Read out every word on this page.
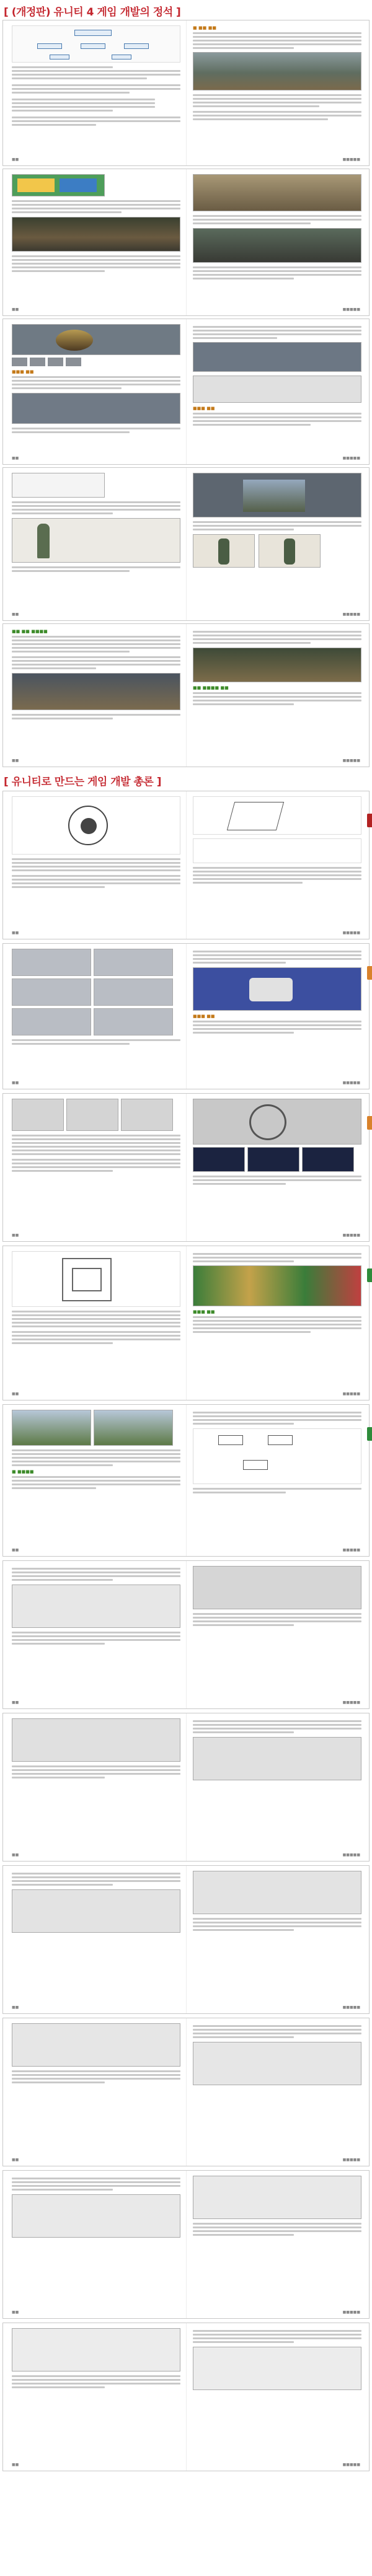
[ (개정판) 유니티 4 게임 개발의 정석 ]
■ ■■ ■■
■■	■■■■■
■■	■■■■■
■■■ ■■
■■■ ■■
■■	■■■■■
■■	■■■■■
■■ ■■ ■■■■
■■ ■■■■ ■■
■■	■■■■■
[ 유니티로 만드는 게임 개발 총론 ]
■■	■■■■■
■■■ ■■
■■	■■■■■
■■	■■■■■
■■■ ■■
■■	■■■■■
■ ■■■■
■■	■■■■■
■■	■■■■■
■■	■■■■■
■■	■■■■■
■■	■■■■■
■■	■■■■■
■■	■■■■■
